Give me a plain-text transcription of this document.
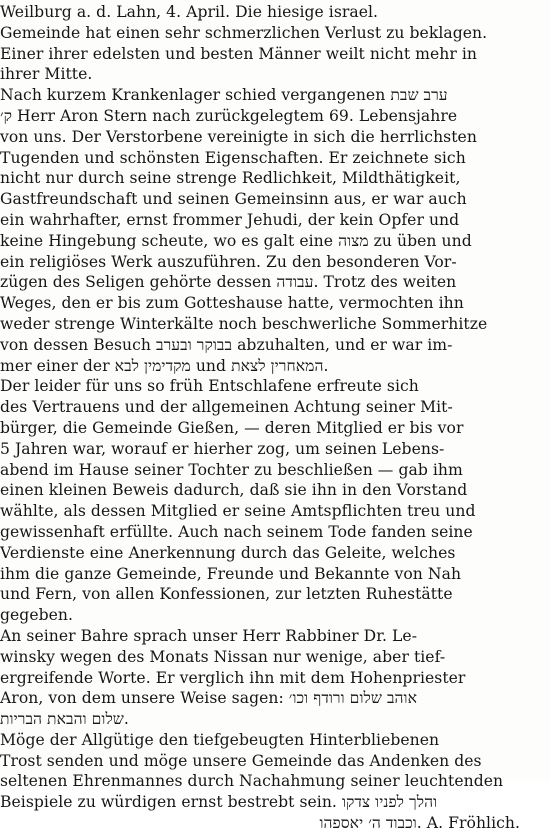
Weilburg a. d. Lahn, 4. April. Die hiesige israel.
Gemeinde hat einen sehr schmerzlichen Verlust zu beklagen.
Einer ihrer edelsten und besten Männer weilt nicht mehr in
ihrer Mitte.
Nach kurzem Krankenlager schied vergangenen ערב שבת
ק׳ Herr Aron Stern nach zurückgelegtem 69. Lebensjahre
von uns. Der Verstorbene vereinigte in sich die herrlichsten
Tugenden und schönsten Eigenschaften. Er zeichnete sich
nicht nur durch seine strenge Redlichkeit, Mildthätigkeit,
Gastfreundschaft und seinen Gemeinsinn aus, er war auch
ein wahrhafter, ernst frommer Jehudi, der kein Opfer und
keine Hingebung scheute, wo es galt eine מצוה zu üben und
ein religiöses Werk auszuführen. Zu den besonderen Vor-
zügen des Seligen gehörte dessen עבודה. Trotz des weiten
Weges, den er bis zum Gotteshause hatte, vermochten ihn
weder strenge Winterkälte noch beschwerliche Sommerhitze
von dessen Besuch בבוקר ובערב abzuhalten, und er war im-
mer einer der מקדימין לבא und המאחרין לצאת.
Der leider für uns so früh Entschlafene erfreute sich
des Vertrauens und der allgemeinen Achtung seiner Mit-
bürger, die Gemeinde Gießen, — deren Mitglied er bis vor
5 Jahren war, worauf er hierher zog, um seinen Lebens-
abend im Hause seiner Tochter zu beschließen — gab ihm
einen kleinen Beweis dadurch, daß sie ihn in den Vorstand
wählte, als dessen Mitglied er seine Amtspflichten treu und
gewissenhaft erfüllte. Auch nach seinem Tode fanden seine
Verdienste eine Anerkennung durch das Geleite, welches
ihm die ganze Gemeinde, Freunde und Bekannte von Nah
und Fern, von allen Konfessionen, zur letzten Ruhestätte
gegeben.
An seiner Bahre sprach unser Herr Rabbiner Dr. Le-
winsky wegen des Monats Nissan nur wenige, aber tief-
ergreifende Worte. Er verglich ihn mit dem Hohenpriester
Aron, von dem unsere Weise sagen: אוהב שלום ורודף וכו׳
שלום והבאת הבריות.
Möge der Allgütige den tiefgebeugten Hinterbliebenen
Trost senden und möge unsere Gemeinde das Andenken des
seltenen Ehrenmannes durch Nachahmung seiner leuchtenden
Beispiele zu würdigen ernst bestrebt sein. והלך לפניו צדקו
וכבוד ה׳ יאספהו. A. Fröhlich.
